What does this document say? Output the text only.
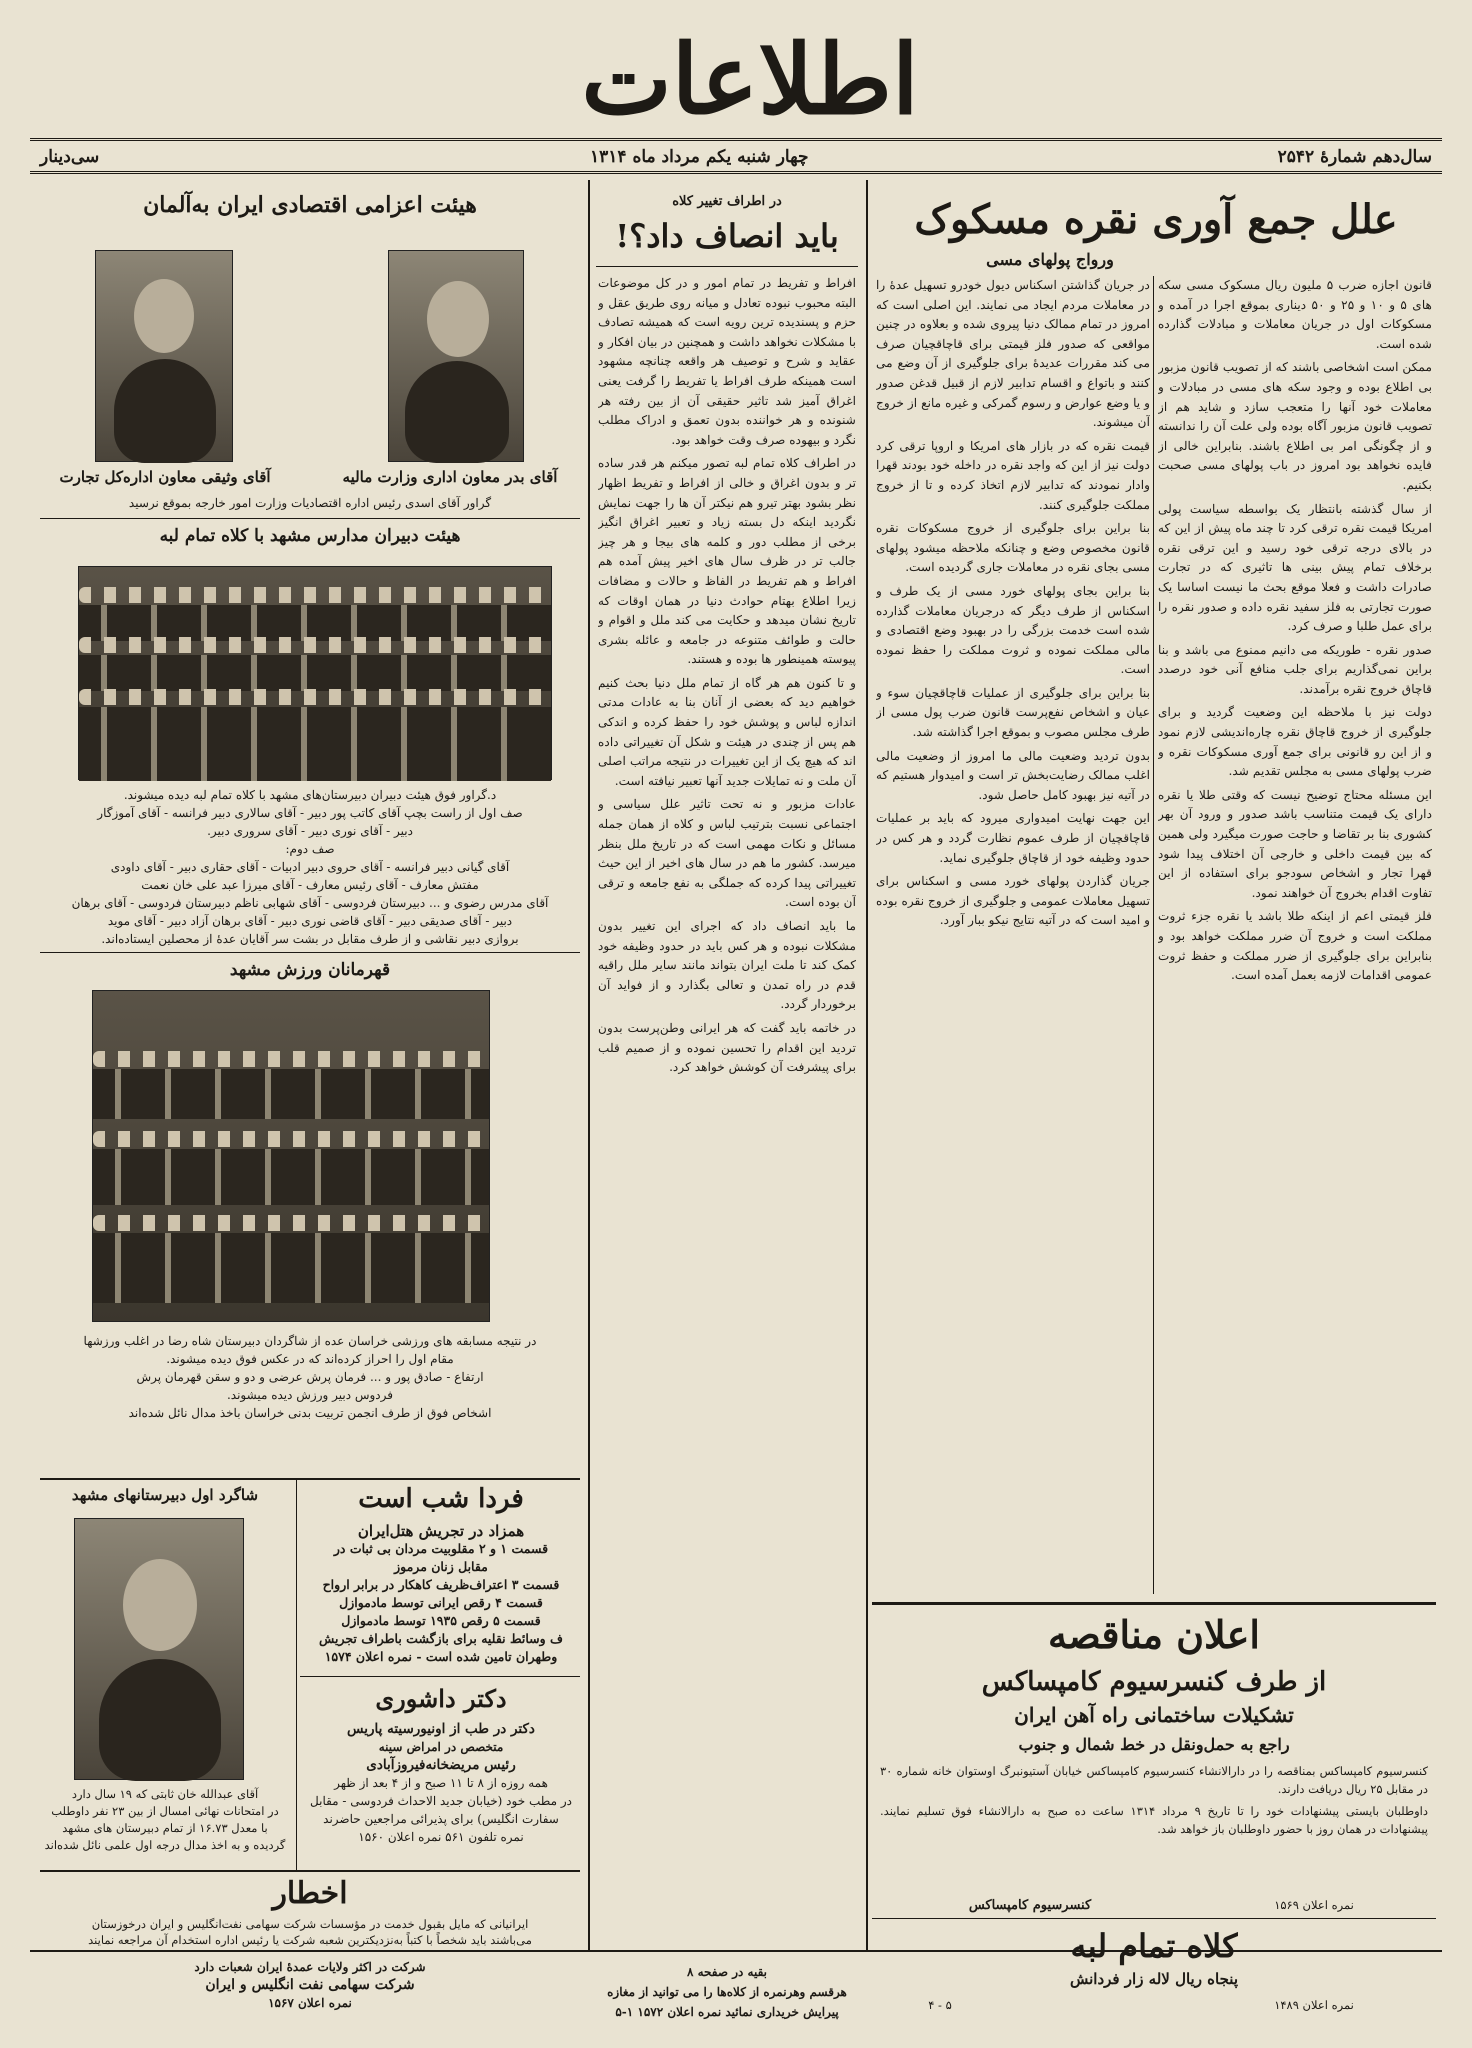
اطلاعات
سی‌دینار	چهار شنبه یکم مرداد ماه ۱۳۱۴	سال‌دهم شمارهٔ ۲۵۴۲
هیئت اعزامی اقتصادی ایران به‌آلمان
آقای وثیقی معاون اداره‌کل تجارت	آقای بدر معاون اداری وزارت مالیه
گراور آقای اسدی رئیس اداره اقتصادیات وزارت امور خارجه بموقع نرسید
هیئت دبیران مدارس مشهد با کلاه تمام لبه
د.گراور فوق هیئت دبیران دبیرستان‌های مشهد با کلاه تمام لبه دیده میشوند.
صف اول از راست بچپ آقای کاتب پور دبیر - آقای سالاری دبیر فرانسه - آقای آموزگار
دبیر - آقای نوری دبیر - آقای سروری دبیر.
صف دوم:
آقای گیانی دبیر فرانسه - آقای حروی دبیر ادبیات - آقای حقاری دبیر - آقای داودی
مفتش معارف - آقای رئیس معارف - آقای میرزا عبد علی خان نعمت
آقای مدرس رضوی و ... دبیرستان فردوسی - آقای شهابی ناظم دبیرستان فردوسی - آقای برهان
دبیر - آقای صدیقی دبیر - آقای قاضی نوری دبیر - آقای برهان آزاد دبیر - آقای موید
بروازی دبیر نقاشی و از طرف مقابل در بشت سر آقایان عدهٔ از محصلین ایستاده‌اند.
قهرمانان ورزش مشهد
در نتیجه مسابقه های ورزشی خراسان عده از شاگردان دبیرستان شاه رضا در اغلب ورزشها
مقام اول را احراز کرده‌اند که در عکس فوق دیده میشوند.
ارتفاع - صادق پور و ... فرمان پرش عرضی و دو و سقن قهرمان پرش
فردوس دبیر ورزش دیده میشوند.
اشخاص فوق از طرف انجمن تربیت بدنی خراسان باخذ مدال نائل شده‌اند
شاگرد اول دبیرستانهای مشهد
آقای عبدالله خان ثابتی که ۱۹ سال دارد
در امتحانات نهائی امسال از بین ۲۳ نفر داوطلب
با معدل ۱۶.۷۳ از تمام دبیرستان های مشهد
گردیده و به اخذ مدال درجه اول علمی نائل شده‌اند
فردا شب است
همزاد در تجریش هتل‌ایران
قسمت ۱ و ۲ مقلوبیت مردان بی ثبات در
مقابل زنان مرموز
قسمت ۳ اعتراف‌ظریف کاهکار در برابر ارواح
قسمت ۴ رقص ایرانی توسط مادموازل
قسمت ۵ رقص ۱۹۳۵ توسط مادموازل
ف وسائط نقلیه برای بازگشت باطراف تجریش
وطهران تامین شده است - نمره اعلان ۱۵۷۴
دکتر داشوری
دکتر در طب از اونیورسیته پاریس
متخصص در امراض سینه
رئیس مریضخانه‌فیروزآبادی
همه روزه از ۸ تا ۱۱ صبح و از ۴ بعد از ظهر
در مطب خود (خیابان جدید الاحداث فردوسی - مقابل
سفارت انگلیس) برای پذیرائی مراجعین حاضرند
نمره تلفون ۵۶۱ نمره اعلان ۱۵۶۰
اخطار
ایرانیانی که مایل بقبول خدمت در مؤسسات شرکت سهامی نفت‌انگلیس و ایران درخوزستان
می‌باشند باید شخصاً با کتباً به‌نزدیکترین شعبه شرکت یا رئیس اداره استخدام آن مراجعه نمایند
شرکت در اکثر ولایات عمدهٔ ایران شعبات دارد
شرکت سهامی نفت انگلیس و ایران
نمره اعلان ۱۵۶۷
در اطراف تغییر کلاه
باید انصاف داد؟!

افراط و تفریط در تمام امور و در کل موضوعات البته محبوب نبوده تعادل و میانه روی طریق عقل و حزم و پسندیده ترین رویه است که همیشه تصادف با مشکلات نخواهد داشت و همچنین در بیان افکار و عقاید و شرح و توصیف هر واقعه چنانچه مشهود است همینکه طرف افراط یا تفریط را گرفت یعنی اغراق آمیز شد تاثیر حقیقی آن از بین رفته هر شنونده و هر خواننده بدون تعمق و ادراک مطلب نگرد و بیهوده صرف وقت خواهد بود.

در اطراف کلاه تمام لبه تصور میکنم هر قدر ساده تر و بدون اغراق و خالی از افراط و تفریط اظهار نظر بشود بهتر تیرو هم نیکتر آن ها را جهت نمایش نگردید اینکه دل بسته زیاد و تعبیر اغراق انگیز برخی از مطلب دور و کلمه های بیجا و هر چیز جالب تر در ظرف سال های اخیر پیش آمده هم افراط و هم تفریط در الفاظ و حالات و مضافات زیرا اطلاع بهتام حوادث دنیا در همان اوقات که تاریخ نشان میدهد و حکایت می کند ملل و اقوام و حالت و طوائف متنوعه در جامعه و عائله بشری پیوسته همینطور ها بوده و هستند.

و تا کنون هم هر گاه از تمام ملل دنیا بحث کنیم خواهیم دید که بعضی از آنان بنا به عادات مدتی اندازه لباس و پوشش خود را حفظ کرده و اندکی هم پس از چندی در هیئت و شکل آن تغییراتی داده اند که هیچ یک از این تغییرات در نتیجه مراتب اصلی آن ملت و نه تمایلات جدید آنها تعبیر نیافته است.

عادات مزبور و نه تحت تاثیر علل سیاسی و اجتماعی نسبت بترتیب لباس و کلاه از همان جمله مسائل و نکات مهمی است که در تاریخ ملل بنظر میرسد. کشور ما هم در سال های اخیر از این حیث تغییراتی پیدا کرده که جملگی به نفع جامعه و ترقی آن بوده است.

ما باید انصاف داد که اجرای این تغییر بدون مشکلات نبوده و هر کس باید در حدود وظیفه خود کمک کند تا ملت ایران بتواند مانند سایر ملل راقیه قدم در راه تمدن و تعالی بگذارد و از فواید آن برخوردار گردد.

در خاتمه باید گفت که هر ایرانی وطن‌پرست بدون تردید این اقدام را تحسین نموده و از صمیم قلب برای پیشرفت آن کوشش خواهد کرد.

بقیه در صفحه ۸
هرقسم وهرنمره از کلاه‌ها را می توانید از مغازه
پیرایش خریداری نمائید نمره اعلان ۱۵۷۲ ۱-۵
علل جمع آوری نقره مسکوک
ورواج پولهای مسی

قانون اجازه ضرب ۵ ملیون ریال مسکوک مسی سکه های ۵ و ۱۰ و ۲۵ و ۵۰ دیناری بموقع اجرا در آمده و مسکوکات اول در جریان معاملات و مبادلات گذارده شده است.

ممکن است اشخاصی باشند که از تصویب قانون مزبور بی اطلاع بوده و وجود سکه های مسی در مبادلات و معاملات خود آنها را متعجب سازد و شاید هم از تصویب قانون مزبور آگاه بوده ولی علت آن را ندانسته و از چگونگی امر بی اطلاع باشند. بنابراین خالی از فایده نخواهد بود امروز در باب پولهای مسی صحبت بکنیم.

از سال گذشته بانتظار یک بواسطه سیاست پولی امریکا قیمت نقره ترقی کرد تا چند ماه پیش از این که در بالای درجه ترقی خود رسید و این ترقی نقره برخلاف تمام پیش بینی ها تاثیری که در تجارت صادرات داشت و فعلا موقع بحث ما نیست اساسا یک صورت تجارتی به فلز سفید نقره داده و صدور نقره را برای عمل طلبا و صرف کرد.

صدور نقره - طوریکه می دانیم ممنوع می باشد و بنا براین نمی‌گذاریم برای جلب منافع آنی خود درصدد قاچاق خروج نقره برآمدند.

دولت نیز با ملاحظه این وضعیت گردید و برای جلوگیری از خروج قاچاق نقره چاره‌اندیشی لازم نمود و از این رو قانونی برای جمع آوری مسکوکات نقره و ضرب پولهای مسی به مجلس تقدیم شد.

این مسئله محتاج توضیح نیست که وقتی طلا یا نقره دارای یک قیمت متناسب باشد صدور و ورود آن بهر کشوری بنا بر تقاضا و حاجت صورت میگیرد ولی همین که بین قیمت داخلی و خارجی آن اختلاف پیدا شود قهرا تجار و اشخاص سودجو برای استفاده از این تفاوت اقدام بخروج آن خواهند نمود.

فلز قیمتی اعم از اینکه طلا باشد یا نقره جزء ثروت مملکت است و خروج آن ضرر مملکت خواهد بود و بنابراین برای جلوگیری از ضرر مملکت و حفظ ثروت عمومی اقدامات لازمه بعمل آمده است.

در جریان گذاشتن اسکناس دیول خودرو تسهیل عدهٔ را در معاملات مردم ایجاد می نمایند. این اصلی است که امروز در تمام ممالک دنیا پیروی شده و بعلاوه در چنین مواقعی که صدور فلز قیمتی برای قاچاقچیان صرف می کند مقررات عدیدهٔ برای جلوگیری از آن وضع می کنند و باتواع و اقسام تدابیر لازم از قبیل قدغن صدور و یا وضع عوارض و رسوم گمرکی و غیره مانع از خروج آن میشوند.

قیمت نقره که در بازار های امریکا و اروپا ترقی کرد دولت نیز از این که واجد نقره در داخله خود بودند قهرا وادار نمودند که تدابیر لازم اتخاذ کرده و تا از خروج مملکت جلوگیری کنند.

بنا براین برای جلوگیری از خروج مسکوکات نقره قانون مخصوص وضع و چنانکه ملاحظه میشود پولهای مسی بجای نقره در معاملات جاری گردیده است.

بنا براین بجای پولهای خورد مسی از یک طرف و اسکناس از طرف دیگر که درجریان معاملات گذارده شده است خدمت بزرگی را در بهبود وضع اقتصادی و مالی مملکت نموده و ثروت مملکت را حفظ نموده است.

بنا براین برای جلوگیری از عملیات قاچاقچیان سوء و عیان و اشخاص نفع‌پرست قانون ضرب پول مسی از طرف مجلس مصوب و بموقع اجرا گذاشته شد.

بدون تردید وضعیت مالی ما امروز از وضعیت مالی اغلب ممالک رضایت‌بخش تر است و امیدوار هستیم که در آتیه نیز بهبود کامل حاصل شود.

این جهت نهایت امیدواری میرود که باید بر عملیات قاچاقچیان از طرف عموم نظارت گردد و هر کس در حدود وظیفه خود از قاچاق جلوگیری نماید.

جریان گذاردن پولهای خورد مسی و اسکناس برای تسهیل معاملات عمومی و جلوگیری از خروج نقره بوده و امید است که در آتیه نتایج نیکو ببار آورد.

اعلان مناقصه
از طرف کنسرسیوم کامپساکس
تشکیلات ساختمانی راه آهن ایران
راجع به حمل‌ونقل در خط شمال و جنوب

کنسرسیوم کامپساکس بمناقصه را در دارالانشاء کنسرسیوم کامپساکس خیابان آستیونبرگ اوستوان خانه شماره ۳۰ در مقابل ۲۵ ریال دریافت دارند.

داوطلبان بایستی پیشنهادات خود را تا تاریخ ۹ مرداد ۱۳۱۴ ساعت ده صبح به دارالانشاء فوق تسلیم نمایند. پیشنهادات در همان روز با حضور داوطلبان باز خواهد شد.

کنسرسیوم کامپساکس	نمره اعلان ۱۵۶۹
کلاه تمام لبه
پنجاه ریال لاله زار فردانش
نمره اعلان ۱۴۸۹
۵ - ۴
